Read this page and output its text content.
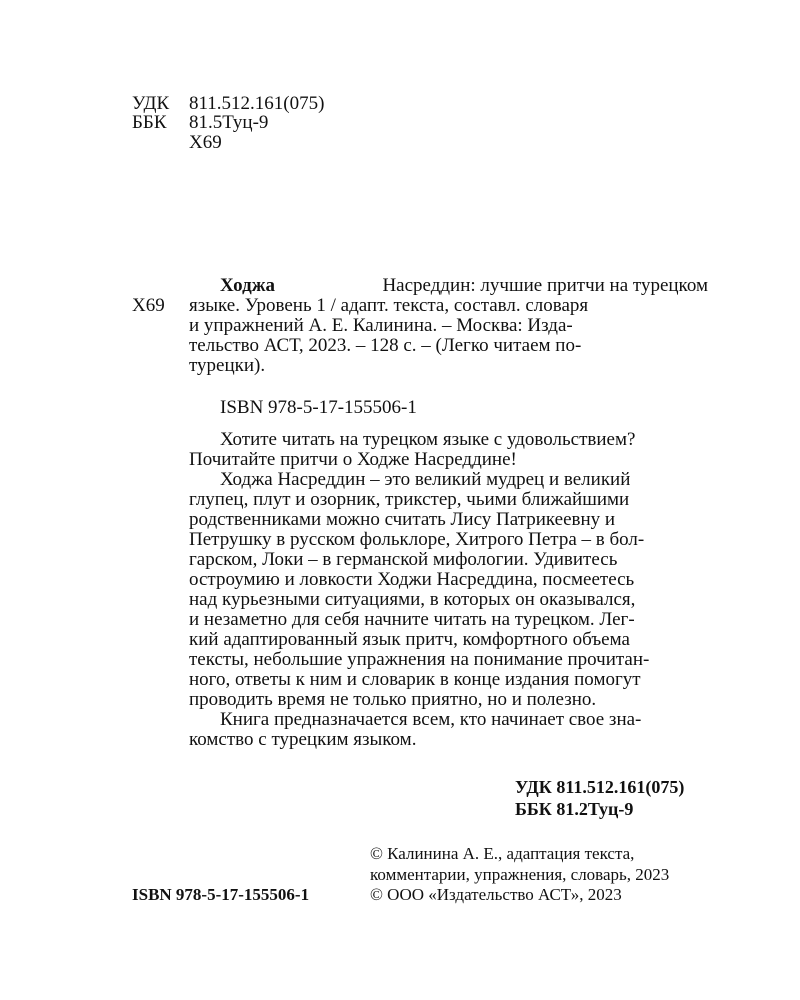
УДК 811.512.161(075)
ББК 81.5Туц-9
Х69
Х69
Ходжа	Насреддин: лучшие притчи на турецком
языке. Уровень 1 / адапт. текста, составл. словаря
и упражнений А. Е. Калинина. – Москва: Изда-
тельство АСТ, 2023. – 128 с. – (Легко читаем по-
турецки).
ISBN 978-5-17-155506-1
Хотите читать на турецком языке с удовольствием?
Почитайте притчи о Ходже Насреддине!
Ходжа Насреддин – это великий мудрец и великий
глупец, плут и озорник, трикстер, чьими ближайшими
родственниками можно считать Лису Патрикеевну и
Петрушку в русском фольклоре, Хитрого Петра – в бол-
гарском, Локи – в германской мифологии. Удивитесь
остроумию и ловкости Ходжи Насреддина, посмеетесь
над курьезными ситуациями, в которых он оказывался,
и незаметно для себя начните читать на турецком. Лег-
кий адаптированный язык притч, комфортного объема
тексты, небольшие упражнения на понимание прочитан-
ного, ответы к ним и словарик в конце издания помогут
проводить время не только приятно, но и полезно.
Книга предназначается всем, кто начинает свое зна-
комство с турецким языком.
УДК 811.512.161(075)
ББК 81.2Туц-9
ISBN 978-5-17-155506-1
© Калинина А. Е., адаптация текста,
комментарии, упражнения, словарь, 2023
© ООО «Издательство АСТ», 2023
